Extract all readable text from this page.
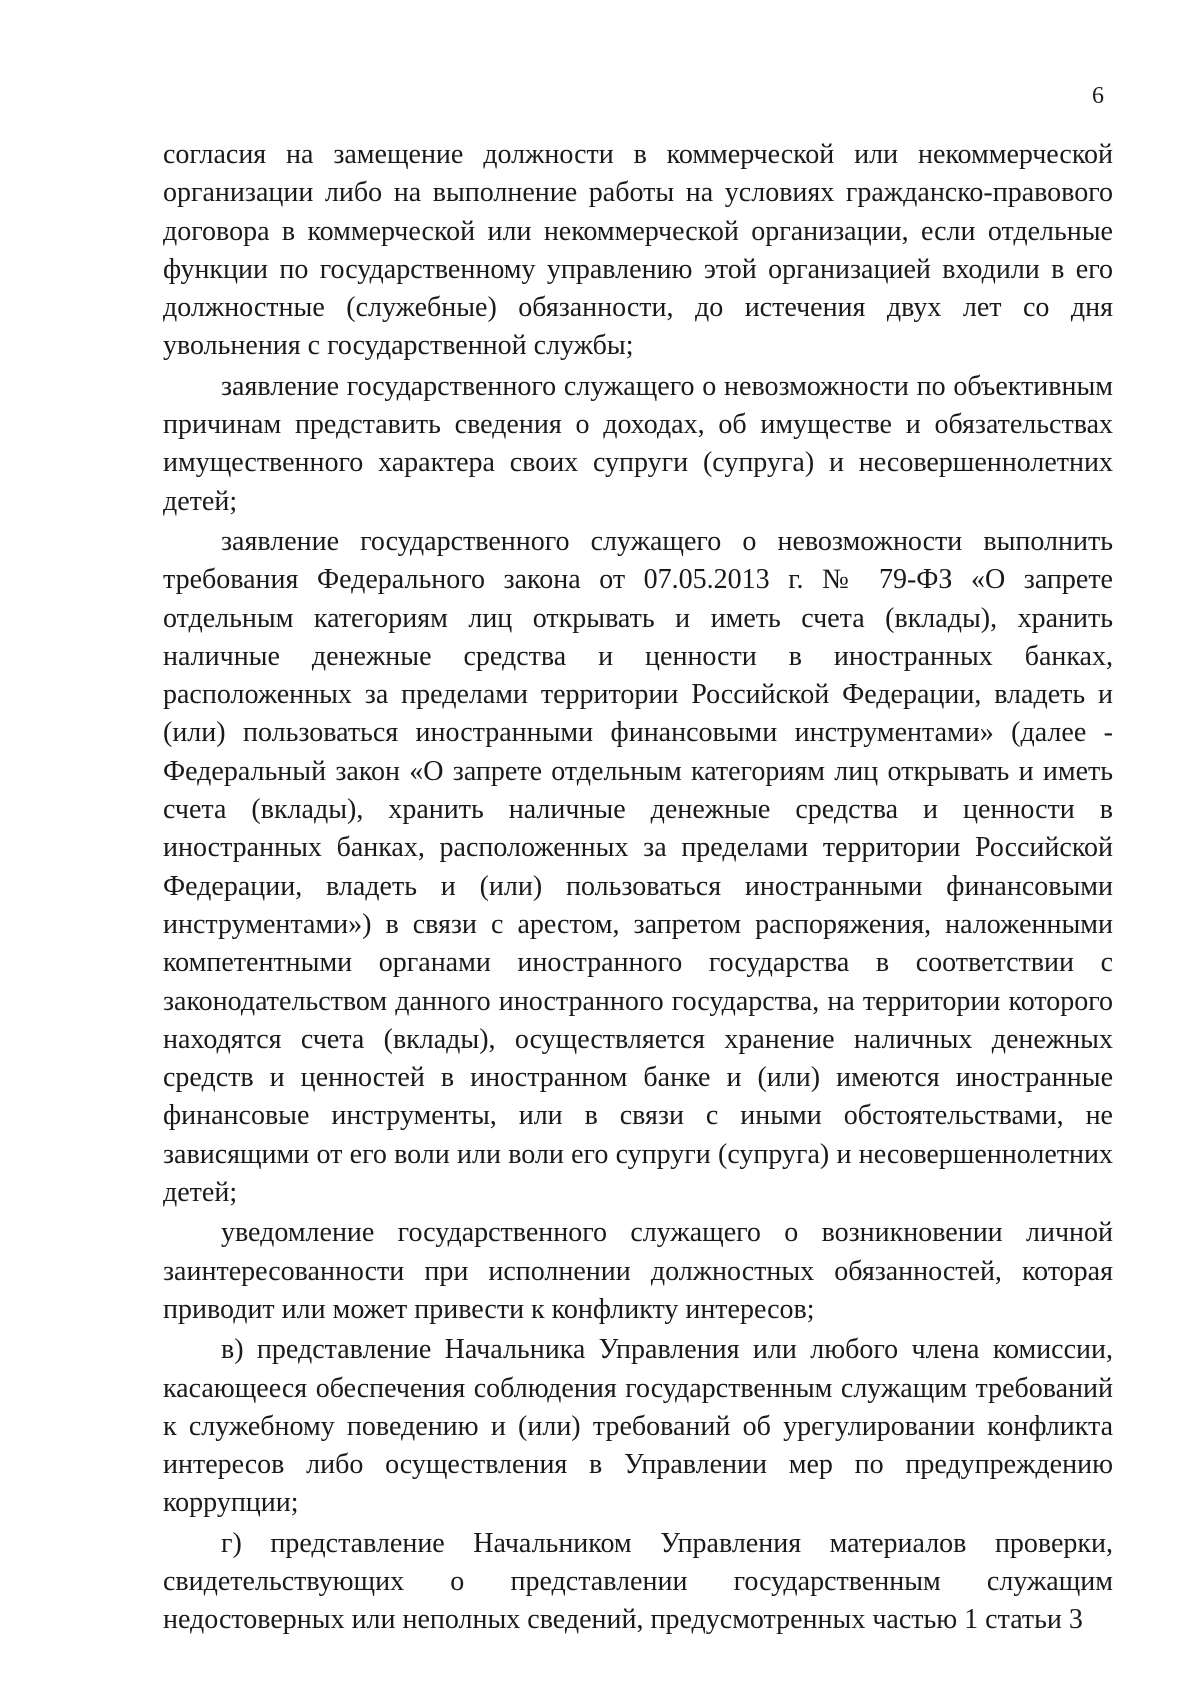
6

согласия на замещение должности в коммерческой или некоммерческой организации либо на выполнение работы на условиях гражданско-правового договора в коммерческой или некоммерческой организации, если отдельные функции по государственному управлению этой организацией входили в его должностные (служебные) обязанности, до истечения двух лет со дня увольнения с государственной службы;

заявление государственного служащего о невозможности по объективным причинам представить сведения о доходах, об имуществе и обязательствах имущественного характера своих супруги (супруга) и несовершеннолетних детей;

заявление государственного служащего о невозможности выполнить требования Федерального закона от 07.05.2013 г. № 79-ФЗ «О запрете отдельным категориям лиц открывать и иметь счета (вклады), хранить наличные денежные средства и ценности в иностранных банках, расположенных за пределами территории Российской Федерации, владеть и (или) пользоваться иностранными финансовыми инструментами» (далее - Федеральный закон «О запрете отдельным категориям лиц открывать и иметь счета (вклады), хранить наличные денежные средства и ценности в иностранных банках, расположенных за пределами территории Российской Федерации, владеть и (или) пользоваться иностранными финансовыми инструментами») в связи с арестом, запретом распоряжения, наложенными компетентными органами иностранного государства в соответствии с законодательством данного иностранного государства, на территории которого находятся счета (вклады), осуществляется хранение наличных денежных средств и ценностей в иностранном банке и (или) имеются иностранные финансовые инструменты, или в связи с иными обстоятельствами, не зависящими от его воли или воли его супруги (супруга) и несовершеннолетних детей;

уведомление государственного служащего о возникновении личной заинтересованности при исполнении должностных обязанностей, которая приводит или может привести к конфликту интересов;

в) представление Начальника Управления или любого члена комиссии, касающееся обеспечения соблюдения государственным служащим требований к служебному поведению и (или) требований об урегулировании конфликта интересов либо осуществления в Управлении мер по предупреждению коррупции;

г) представление Начальником Управления материалов проверки, свидетельствующих о представлении государственным служащим недостоверных или неполных сведений, предусмотренных частью 1 статьи 3
